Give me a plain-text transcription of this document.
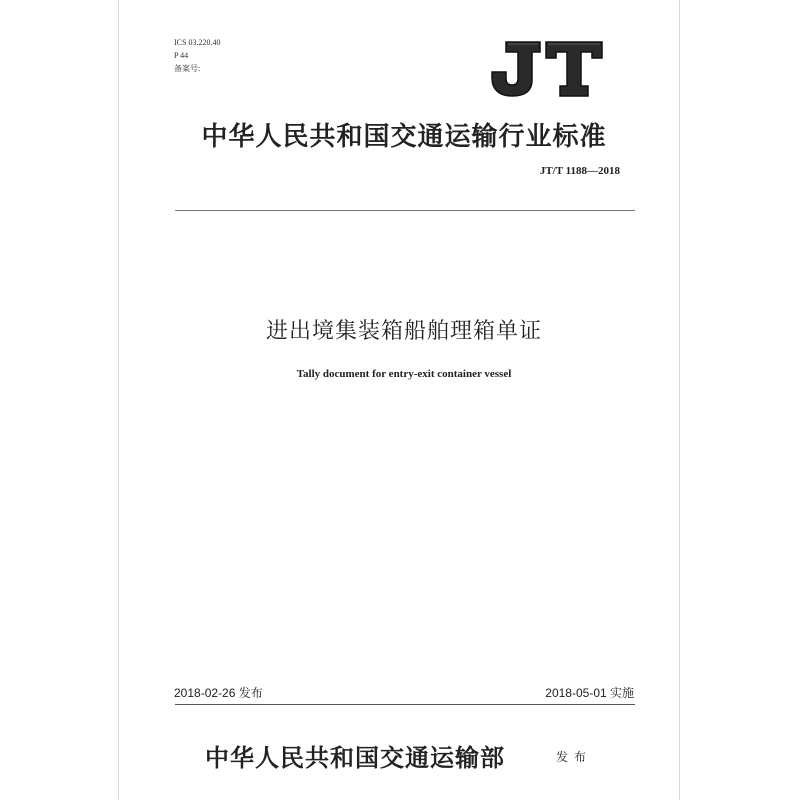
ICS 03.220.40
P 44
备案号:
中华人民共和国交通运输行业标准
JT/T 1188—2018
进出境集装箱船舶理箱单证
Tally document for entry-exit container vessel
2018-02-26 发布	2018-05-01 实施
中华人民共和国交通运输部	发布
